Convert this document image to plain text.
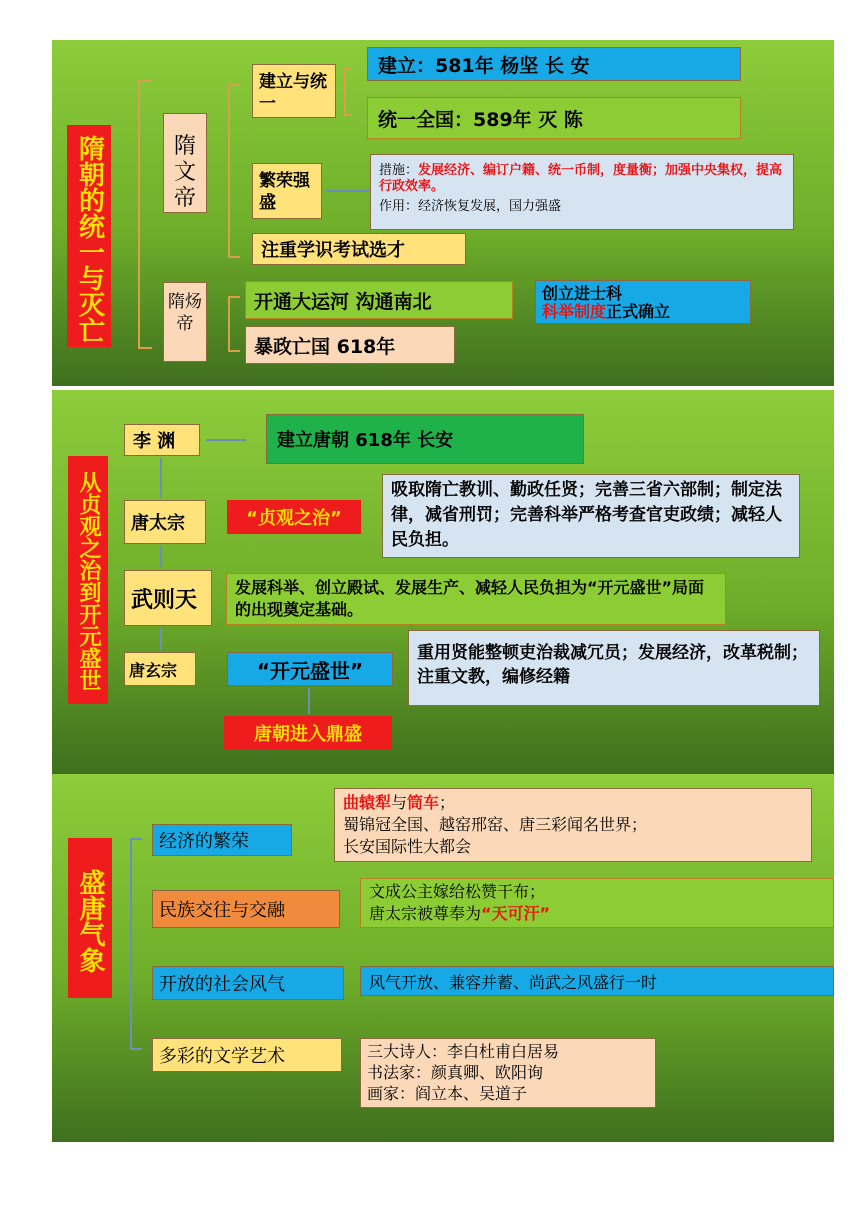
隋朝的统一与灭亡	隋文帝
建立与统一
建立：581年 杨坚 长 安
统一全国：589年 灭 陈
繁荣强盛
措施：发展经济、编订户籍、统一币制，度量衡；加强中央集权，提高行政效率。
作用：经济恢复发展，国力强盛
注重学识考试选才
隋炀帝
开通大运河 沟通南北	创立进士科
科举制度正式确立
暴政亡国 618年
从贞观之治到开元盛世
李 渊	建立唐朝 618年 长安
唐太宗	“贞观之治”
吸取隋亡教训、勤政任贤；完善三省六部制；制定法律，减省刑罚；完善科举严格考查官吏政绩；减轻人民负担。
武则天	发展科举、创立殿试、发展生产、减轻人民负担为“开元盛世”局面的出现奠定基础。
唐玄宗	“开元盛世”
重用贤能整顿吏治裁减冗员；发展经济，改革税制；注重文教，编修经籍
唐朝进入鼎盛
盛唐气象
经济的繁荣
曲辕犁与筒车；
蜀锦冠全国、越窑邢窑、唐三彩闻名世界；
长安国际性大都会
民族交往与交融
文成公主嫁给松赞干布；
唐太宗被尊奉为“天可汗”
开放的社会风气	风气开放、兼容并蓄、尚武之风盛行一时
多彩的文学艺术	三大诗人：李白杜甫白居易
书法家：颜真卿、欧阳询
画家：阎立本、吴道子
